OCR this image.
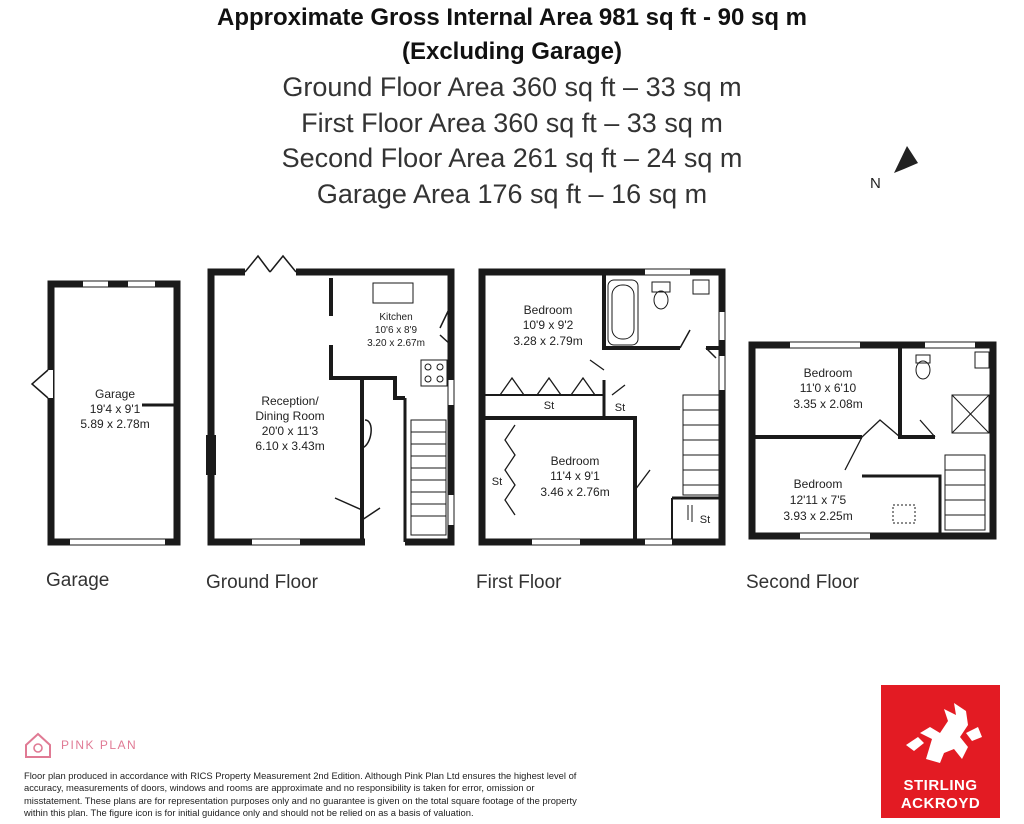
Approximate Gross Internal Area 981 sq ft - 90 sq m
(Excluding Garage)
Ground Floor Area 360 sq ft – 33 sq m
First Floor Area 360 sq ft – 33 sq m
Second Floor Area 261 sq ft – 24 sq m
Garage Area 176 sq ft – 16 sq m	N
Garage
19'4 x 9'1
5.89 x 2.78m
Kitchen
10'6 x 8'9
3.20 x 2.67m
Reception/
Dining Room
20'0 x 11'3
6.10 x 3.43m
Bedroom
10'9 x 9'2
3.28 x 2.79m
Bedroom
11'4 x 9'1
3.46 x 2.76m
Bedroom
11'0 x 6'10
3.35 x 2.08m
Bedroom
12'11 x 7'5
3.93 x 2.25m
St	St
St
St
Garage	Ground Floor	First Floor	Second Floor
PINK PLAN
Floor plan produced in accordance with RICS Property Measurement 2nd Edition. Although Pink Plan Ltd ensures the highest level of accuracy, measurements of doors, windows and rooms are approximate and no responsibility is taken for error, omission or misstatement. These plans are for representation purposes only and no guarantee is given on the total square footage of the property within this plan. The figure icon is for initial guidance only and should not be relied on as a basis of valuation.
STIRLING
ACKROYD
